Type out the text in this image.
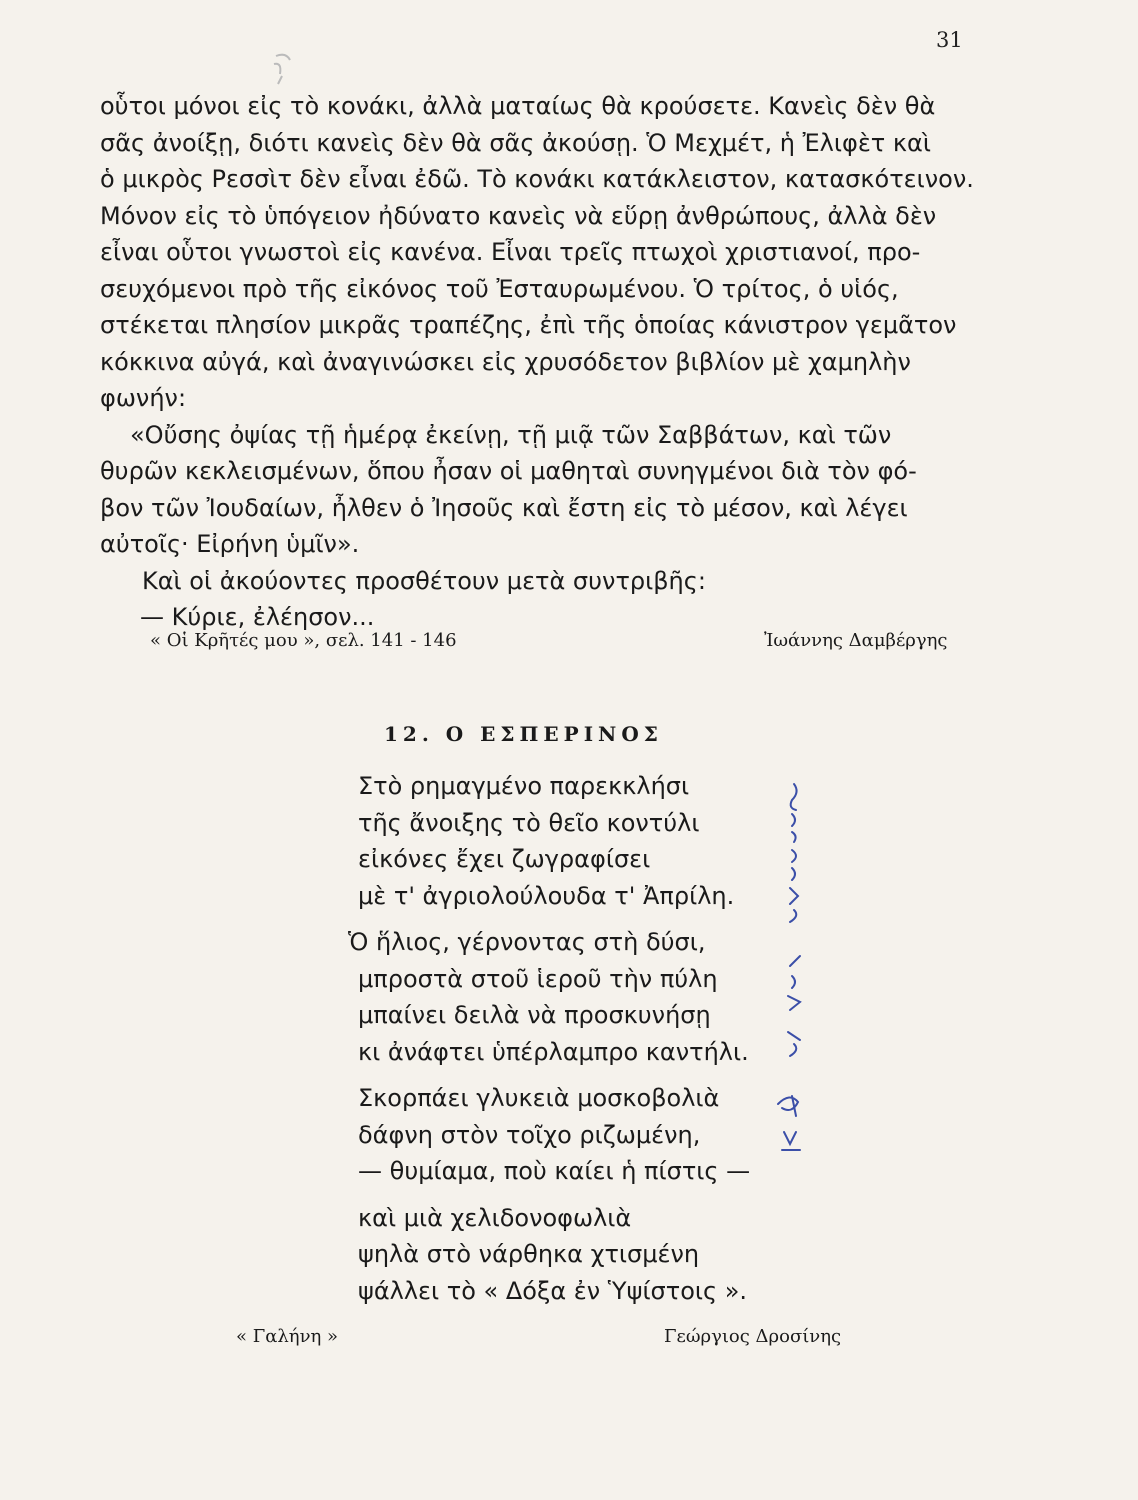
31
οὗτοι μόνοι εἰς τὸ κονάκι, ἀλλὰ ματαίως θὰ κρούσετε. Κανεὶς δὲν θὰ
σᾶς ἀνοίξῃ, διότι κανεὶς δὲν θὰ σᾶς ἀκούσῃ. Ὁ Μεχμέτ, ἡ Ἐλιφὲτ καὶ
ὁ μικρὸς Ρεσσὶτ δὲν εἶναι ἐδῶ. Τὸ κονάκι κατάκλειστον, κατασκότεινον.
Μόνον εἰς τὸ ὑπόγειον ἠδύνατο κανεὶς νὰ εὕρῃ ἀνθρώπους, ἀλλὰ δὲν
εἶναι οὗτοι γνωστοὶ εἰς κανένα. Εἶναι τρεῖς πτωχοὶ χριστιανοί, προ-
σευχόμενοι πρὸ τῆς εἰκόνος τοῦ Ἐσταυρωμένου. Ὁ τρίτος, ὁ υἱός,
στέκεται πλησίον μικρᾶς τραπέζης, ἐπὶ τῆς ὁποίας κάνιστρον γεμᾶτον
κόκκινα αὐγά, καὶ ἀναγινώσκει εἰς χρυσόδετον βιβλίον μὲ χαμηλὴν
φωνήν:
«Οὔσης ὀψίας τῇ ἡμέρᾳ ἐκείνῃ, τῇ μιᾷ τῶν Σαββάτων, καὶ τῶν
θυρῶν κεκλεισμένων, ὅπου ἦσαν οἱ μαθηταὶ συνηγμένοι διὰ τὸν φό-
βον τῶν Ἰουδαίων, ἦλθεν ὁ Ἰησοῦς καὶ ἔστη εἰς τὸ μέσον, καὶ λέγει
αὐτοῖς· Εἰρήνη ὑμῖν».
Καὶ οἱ ἀκούοντες προσθέτουν μετὰ συντριβῆς:
— Κύριε, ἐλέησον...
« Οἱ Κρῆτές μου », σελ. 141 - 146	Ἰωάννης Δαμβέργης
12. Ο ΕΣΠΕΡΙΝΟΣ
Στὸ ρημαγμένο παρεκκλήσι
τῆς ἄνοιξης τὸ θεῖο κοντύλι
εἰκόνες ἔχει ζωγραφίσει
μὲ τ' ἀγριολούλουδα τ' Ἀπρίλη.
Ὁ ἥλιος, γέρνοντας στὴ δύσι,
μπροστὰ στοῦ ἱεροῦ τὴν πύλη
μπαίνει δειλὰ νὰ προσκυνήσῃ
κι ἀνάφτει ὑπέρλαμπρο καντήλι.
Σκορπάει γλυκειὰ μοσκοβολιὰ
δάφνη στὸν τοῖχο ριζωμένη,
— θυμίαμα, ποὺ καίει ἡ πίστις —
καὶ μιὰ χελιδονοφωλιὰ
ψηλὰ στὸ νάρθηκα χτισμένη
ψάλλει τὸ « Δόξα ἐν Ὑψίστοις ».
« Γαλήνη »	Γεώργιος Δροσίνης
